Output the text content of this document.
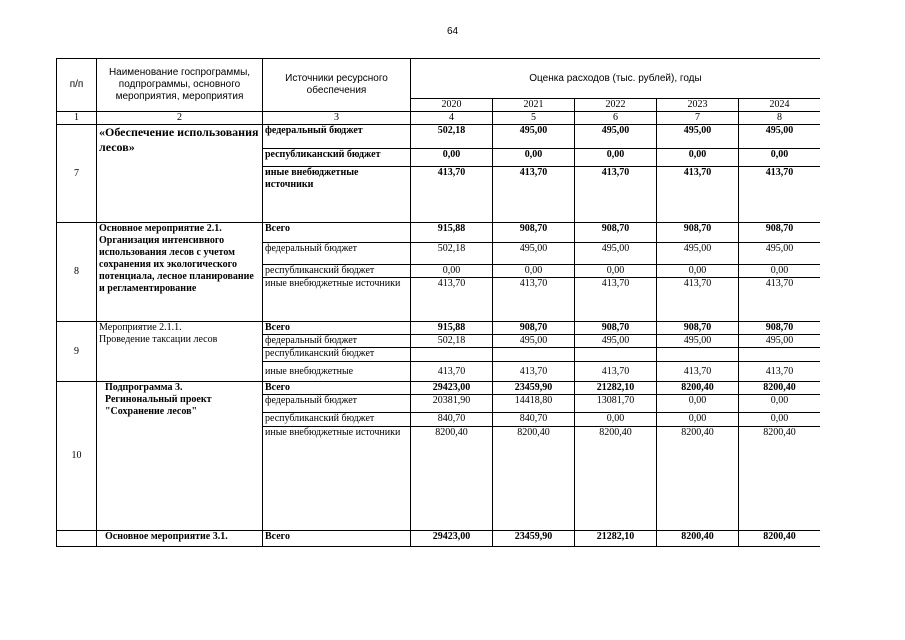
64
п/п	Наименование госпрограммы, подпрограммы, основного мероприятия, мероприятия	Источники ресурсного обеспечения	Оценка расходов (тыс. рублей), годы				
			2020	2021	2022	2023	2024
1	2	3	4	5	6	7	8
7	«Обеспечение использования лесов»	федеральный бюджет	502,18	495,00	495,00	495,00	495,00
		республиканский бюджет	0,00	0,00	0,00	0,00	0,00
		иные внебюджетные источники	413,70	413,70	413,70	413,70	413,70
8	Основное мероприятие 2.1. Организация интенсивного использования лесов с учетом сохранения их экологического потенциала, лесное планирование и регламентирование	Всего	915,88	908,70	908,70	908,70	908,70
		федеральный бюджет	502,18	495,00	495,00	495,00	495,00
		республиканский бюджет	0,00	0,00	0,00	0,00	0,00
		иные внебюджетные источники	413,70	413,70	413,70	413,70	413,70
9	Мероприятие 2.1.1.
Проведение таксации лесов	Всего	915,88	908,70	908,70	908,70	908,70
		федеральный бюджет	502,18	495,00	495,00	495,00	495,00
		республиканский бюджет					
		иные внебюджетные	413,70	413,70	413,70	413,70	413,70
10	Подпрограмма 3.
Регинональный проект
"Сохранение лесов"	Всего	29423,00	23459,90	21282,10	8200,40	8200,40
		федеральный бюджет	20381,90	14418,80	13081,70	0,00	0,00
		республиканский бюджет	840,70	840,70	0,00	0,00	0,00
		иные внебюджетные источники	8200,40	8200,40	8200,40	8200,40	8200,40
	Основное мероприятие 3.1.	Всего	29423,00	23459,90	21282,10	8200,40	8200,40
